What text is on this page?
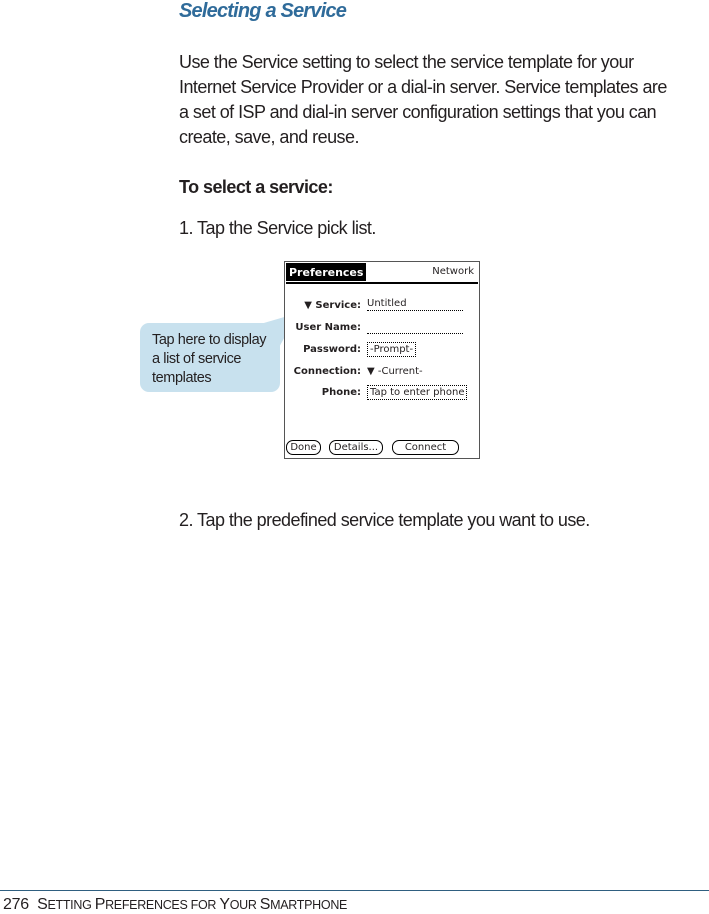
Selecting a Service
Use the Service setting to select the service template for your
Internet Service Provider or a dial-in server. Service templates are
a set of ISP and dial-in server configuration settings that you can
create, save, and reuse.
To select a service:
1. Tap the Service pick list.
Tap here to display
a list of service
templates
Preferences	Network
▼ Service: Untitled
User Name:
Password: -Prompt-
Connection: ▼ -Current-
Phone: Tap to enter phone
Done	Details...	Connect
2. Tap the predefined service template you want to use.
276 SETTING PREFERENCES FOR YOUR SMARTPHONE
